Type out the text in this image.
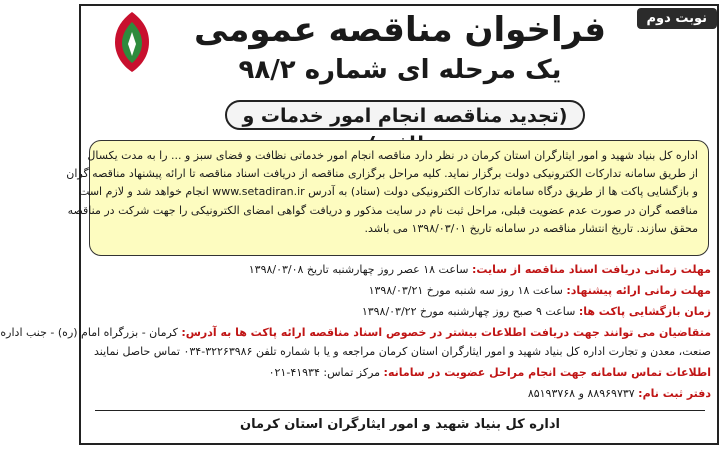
نوبت دوم
فراخوان مناقصه عمومی
یک مرحله ای شماره ۹۸/۲
(تجدید مناقصه انجام امور خدمات و
اداره کل بنیاد شهید و امور ایثارگران استان کرمان در نظر دارد مناقصه انجام امور خدماتی نظافت و فضای سبز و ... را به مدت یکسال
از طریق سامانه تدارکات الکترونیکی دولت برگزار نماید. کلیه مراحل برگزاری مناقصه از دریافت اسناد مناقصه تا ارائه پیشنهاد مناقصه گران
و بازگشایی پاکت ها از طریق درگاه سامانه تدارکات الکترونیکی دولت (ستاد) به آدرس www.setadiran.ir انجام خواهد شد و لازم است
مناقصه گران در صورت عدم عضویت قبلی، مراحل ثبت نام در سایت مذکور و دریافت گواهی امضای الکترونیکی را جهت شرکت در مناقصه
محقق سازند. تاریخ انتشار مناقصه در سامانه تاریخ ۱۳۹۸/۰۳/۰۱ می باشد.
مهلت زمانی دریافت اسناد مناقصه از سایت: ساعت ۱۸ عصر روز چهارشنبه تاریخ ۱۳۹۸/۰۳/۰۸
مهلت زمانی ارائه پیشنهاد: ساعت ۱۸ روز سه شنبه مورخ ۱۳۹۸/۰۳/۲۱
زمان بازگشایی پاکت ها: ساعت ۹ صبح روز چهارشنبه مورخ ۱۳۹۸/۰۳/۲۲
متقاضیان می توانند جهت دریافت اطلاعات بیشتر در خصوص اسناد مناقصه ارائه پاکت ها به آدرس: کرمان - بزرگراه امام (ره) - جنب اداره
صنعت، معدن و تجارت اداره کل بنیاد شهید و امور ایثارگران استان کرمان مراجعه و یا با شماره تلفن ۳۲۲۶۳۹۸۶-۰۳۴ تماس حاصل نمایند
اطلاعات تماس سامانه جهت انجام مراحل عضویت در سامانه: مرکز تماس: ۴۱۹۳۴-۰۲۱
دفتر ثبت نام: ۸۸۹۶۹۷۳۷ و ۸۵۱۹۳۷۶۸
اداره کل بنیاد شهید و امور ایثارگران استان کرمان
